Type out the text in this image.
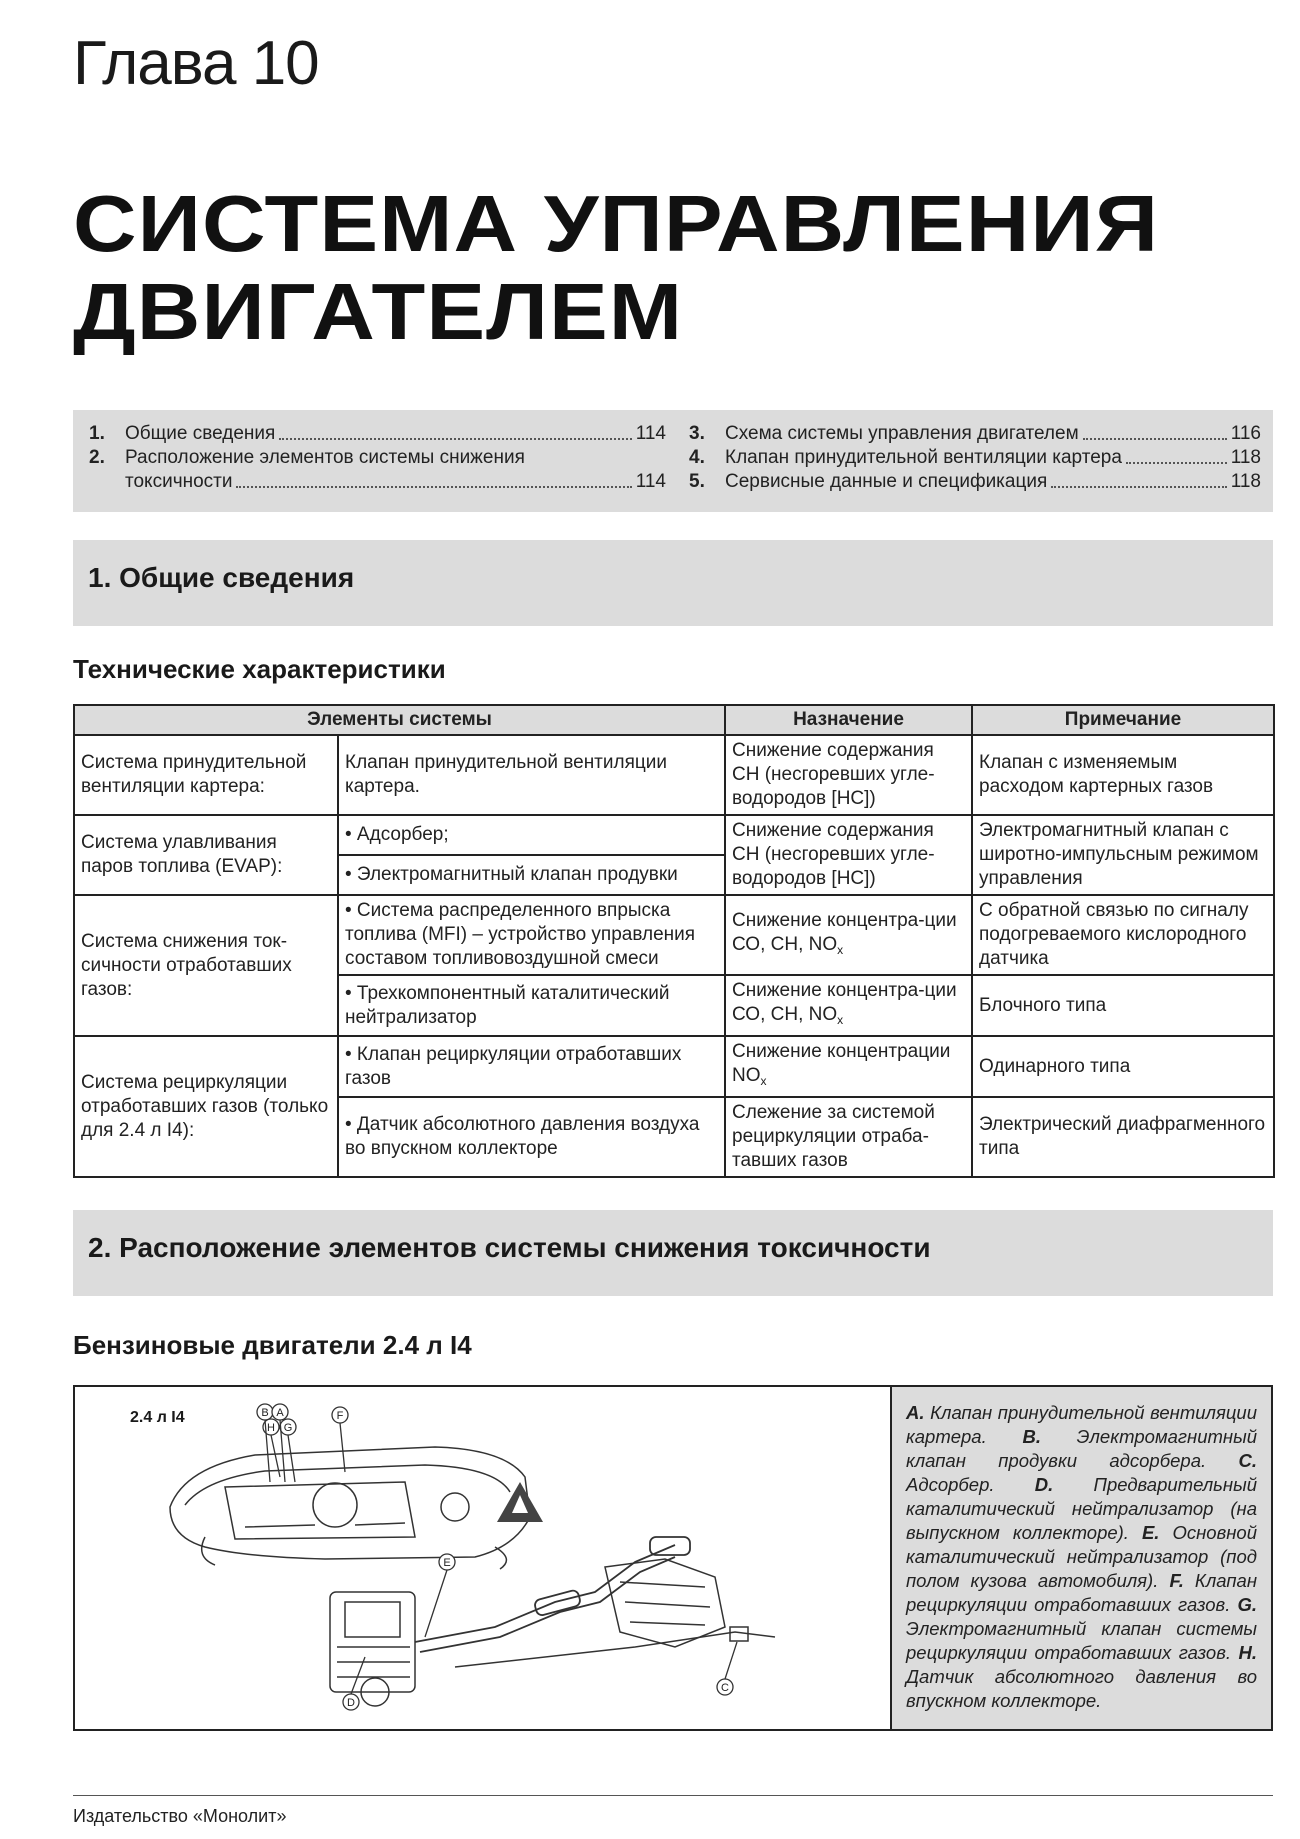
Глава 10
СИСТЕМА УПРАВЛЕНИЯ
ДВИГАТЕЛЕМ
1.	Общие сведения	114
2.	Расположение элементов системы снижения
токсичности	114
3.	Схема системы управления двигателем	116
4.	Клапан принудительной вентиляции картера	118
5.	Сервисные данные и спецификация	118
1. Общие сведения
Технические характеристики
Элементы системы		Назначение	Примечание
Система принудительной вентиляции картера:	Клапан принудительной вентиляции картера.	Снижение содержания СН (несгоревших угле-водородов [НС])	Клапан с изменяемым расходом картерных газов
Система улавливания паров топлива (EVAP):	• Адсорбер;	Снижение содержания СН (несгоревших угле-водородов [НС])	Электромагнитный клапан с широтно-импульсным режимом управления
	• Электромагнитный клапан продувки		
Система снижения ток-сичности отработавших газов:	• Система распределенного впрыска топлива (MFI) – устройство управления составом топливовоздушной смеси	Снижение концентра-ции СО, СН, $NO_x$	С обратной связью по сигналу подогреваемого кислородного датчика
	• Трехкомпонентный каталитический нейтрализатор	Снижение концентра-ции СО, СН, $NO_x$	Блочного типа
Система рециркуляции отработавших газов (только для 2.4 л I4):	• Клапан рециркуляции отработавших газов	Снижение концентрации $NO_x$	Одинарного типа
	• Датчик абсолютного давления воздуха во впускном коллекторе	Слежение за системой рециркуляции отраба-тавших газов	Электрический диафрагменного типа
2. Расположение элементов системы снижения токсичности
Бензиновые двигатели 2.4 л I4
2.4 л I4	B A
H G
F
E
D
C
A. Клапан принудительной вентиляции картера. B. Электромагнитный клапан продувки адсорбера. C. Адсорбер. D. Предварительный каталитический нейтрализатор (на выпускном коллекторе). E. Основной каталитический нейтрализатор (под полом кузова автомобиля). F. Клапан рециркуляции отработавших газов. G. Электромагнитный клапан системы рециркуляции отработавших газов. H. Датчик абсолютного давления во впускном коллекторе.
Издательство «Монолит»
